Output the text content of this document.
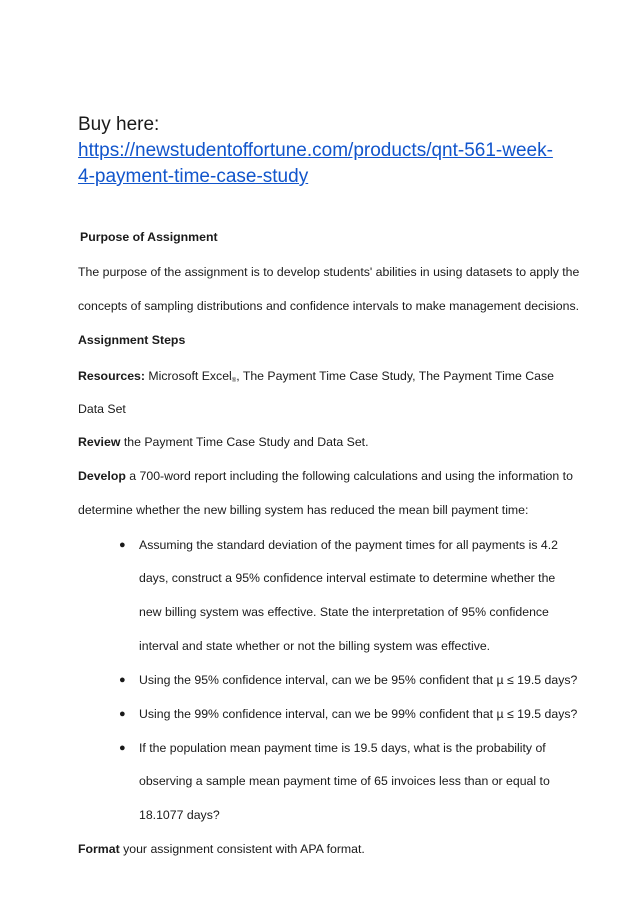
Buy here:
https://newstudentoffortune.com/products/qnt-561-week-
4-payment-time-case-study
Purpose of Assignment
The purpose of the assignment is to develop students' abilities in using datasets to apply the
concepts of sampling distributions and confidence intervals to make management decisions.
Assignment Steps
Resources: Microsoft Excel®, The Payment Time Case Study, The Payment Time Case
Data Set
Review the Payment Time Case Study and Data Set.
Develop a 700-word report including the following calculations and using the information to
determine whether the new billing system has reduced the mean bill payment time:
● Assuming the standard deviation of the payment times for all payments is 4.2
days, construct a 95% confidence interval estimate to determine whether the
new billing system was effective. State the interpretation of 95% confidence
interval and state whether or not the billing system was effective.
● Using the 95% confidence interval, can we be 95% confident that µ ≤ 19.5 days?
● Using the 99% confidence interval, can we be 99% confident that µ ≤ 19.5 days?
● If the population mean payment time is 19.5 days, what is the probability of
observing a sample mean payment time of 65 invoices less than or equal to
18.1077 days?
Format your assignment consistent with APA format.
